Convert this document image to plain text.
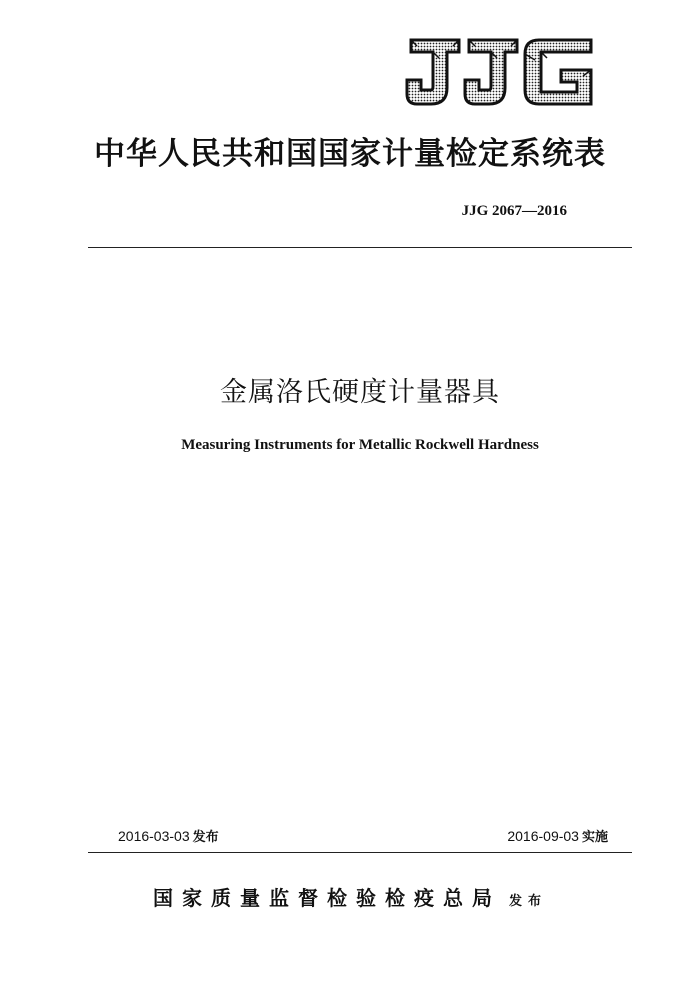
中华人民共和国国家计量检定系统表
JJG 2067—2016
金属洛氏硬度计量器具
Measuring Instruments for Metallic Rockwell Hardness
2016-03-03 发布	2016-09-03 实施
国家质量监督检验检疫总局 发布
